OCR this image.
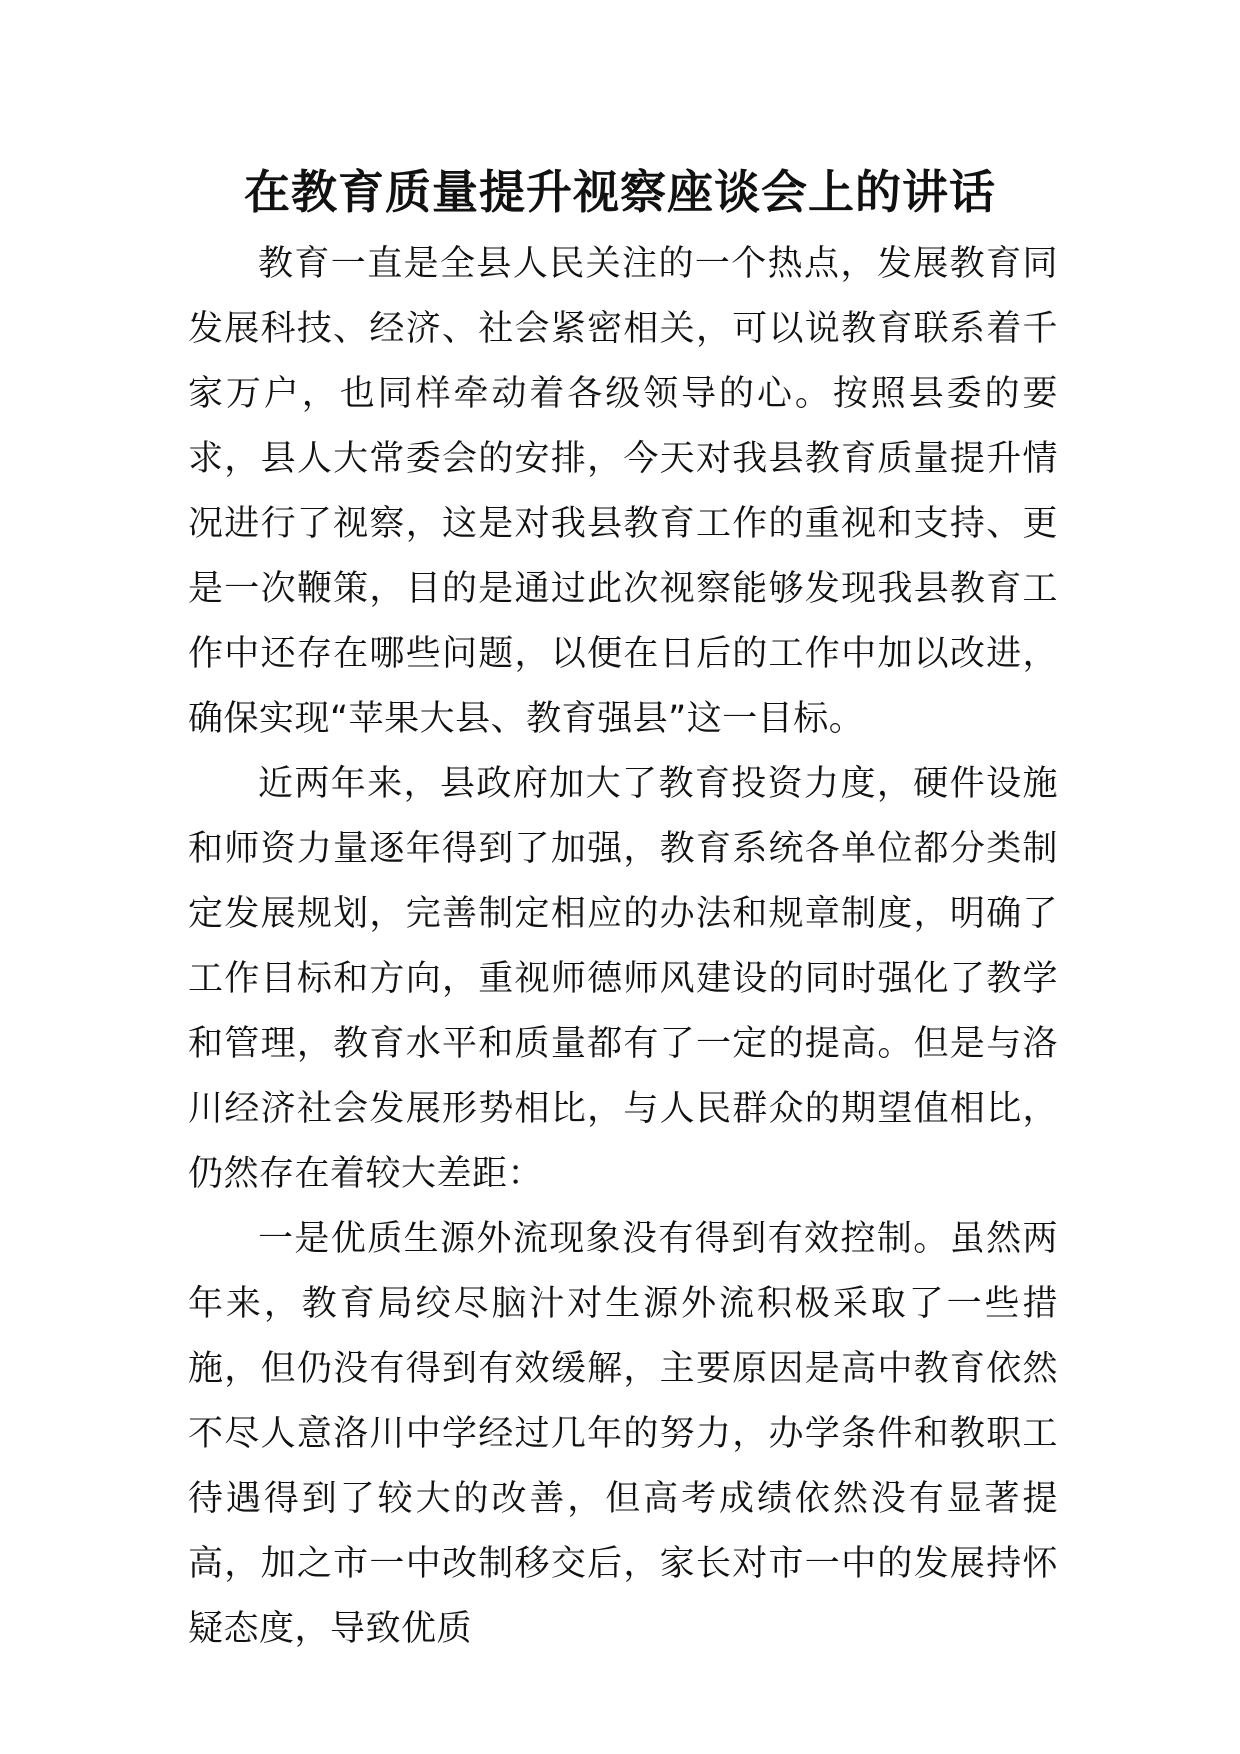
在教育质量提升视察座谈会上的讲话

教育一直是全县人民关注的一个热点，发展教育同发展科技、经济、社会紧密相关，可以说教育联系着千家万户，也同样牵动着各级领导的心。按照县委的要求，县人大常委会的安排，今天对我县教育质量提升情况进行了视察，这是对我县教育工作的重视和支持、更是一次鞭策，目的是通过此次视察能够发现我县教育工作中还存在哪些问题，以便在日后的工作中加以改进，确保实现“苹果大县、教育强县”这一目标。

近两年来，县政府加大了教育投资力度，硬件设施和师资力量逐年得到了加强，教育系统各单位都分类制定发展规划，完善制定相应的办法和规章制度，明确了工作目标和方向，重视师德师风建设的同时强化了教学和管理，教育水平和质量都有了一定的提高。但是与洛川经济社会发展形势相比，与人民群众的期望值相比，仍然存在着较大差距：

一是优质生源外流现象没有得到有效控制。虽然两年来，教育局绞尽脑汁对生源外流积极采取了一些措施，但仍没有得到有效缓解，主要原因是高中教育依然不尽人意洛川中学经过几年的努力，办学条件和教职工待遇得到了较大的改善，但高考成绩依然没有显著提高，加之市一中改制移交后，家长对市一中的发展持怀疑态度，导致优质
